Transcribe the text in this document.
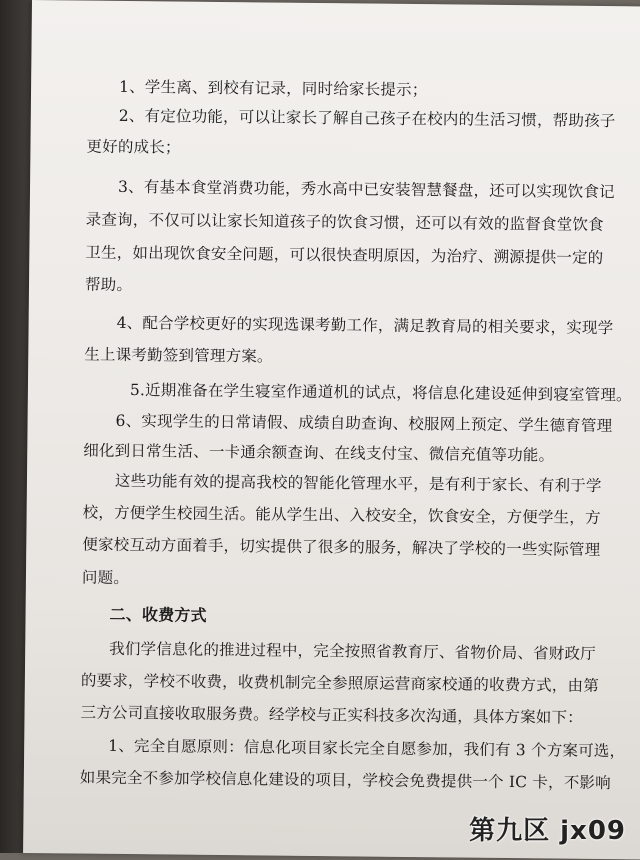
1、学生离、到校有记录，同时给家长提示；
2、有定位功能，可以让家长了解自己孩子在校内的生活习惯，帮助孩子
更好的成长；
3、有基本食堂消费功能，秀水高中已安装智慧餐盘，还可以实现饮食记
录查询，不仅可以让家长知道孩子的饮食习惯，还可以有效的监督食堂饮食
卫生，如出现饮食安全问题，可以很快查明原因，为治疗、溯源提供一定的
帮助。
4、配合学校更好的实现选课考勤工作，满足教育局的相关要求，实现学
生上课考勤签到管理方案。
5.近期准备在学生寝室作通道机的试点，将信息化建设延伸到寝室管理。
6、实现学生的日常请假、成绩自助查询、校服网上预定、学生德育管理
细化到日常生活、一卡通余额查询、在线支付宝、微信充值等功能。
这些功能有效的提高我校的智能化管理水平，是有利于家长、有利于学
校，方便学生校园生活。能从学生出、入校安全，饮食安全，方便学生，方
便家校互动方面着手，切实提供了很多的服务，解决了学校的一些实际管理
问题。
二、收费方式
我们学信息化的推进过程中，完全按照省教育厅、省物价局、省财政厅
的要求，学校不收费，收费机制完全参照原运营商家校通的收费方式，由第
三方公司直接收取服务费。经学校与正实科技多次沟通，具体方案如下：
1、完全自愿原则：信息化项目家长完全自愿参加，我们有 3 个方案可选，
如果完全不参加学校信息化建设的项目，学校会免费提供一个 IC 卡，不影响
第九区 jx09
